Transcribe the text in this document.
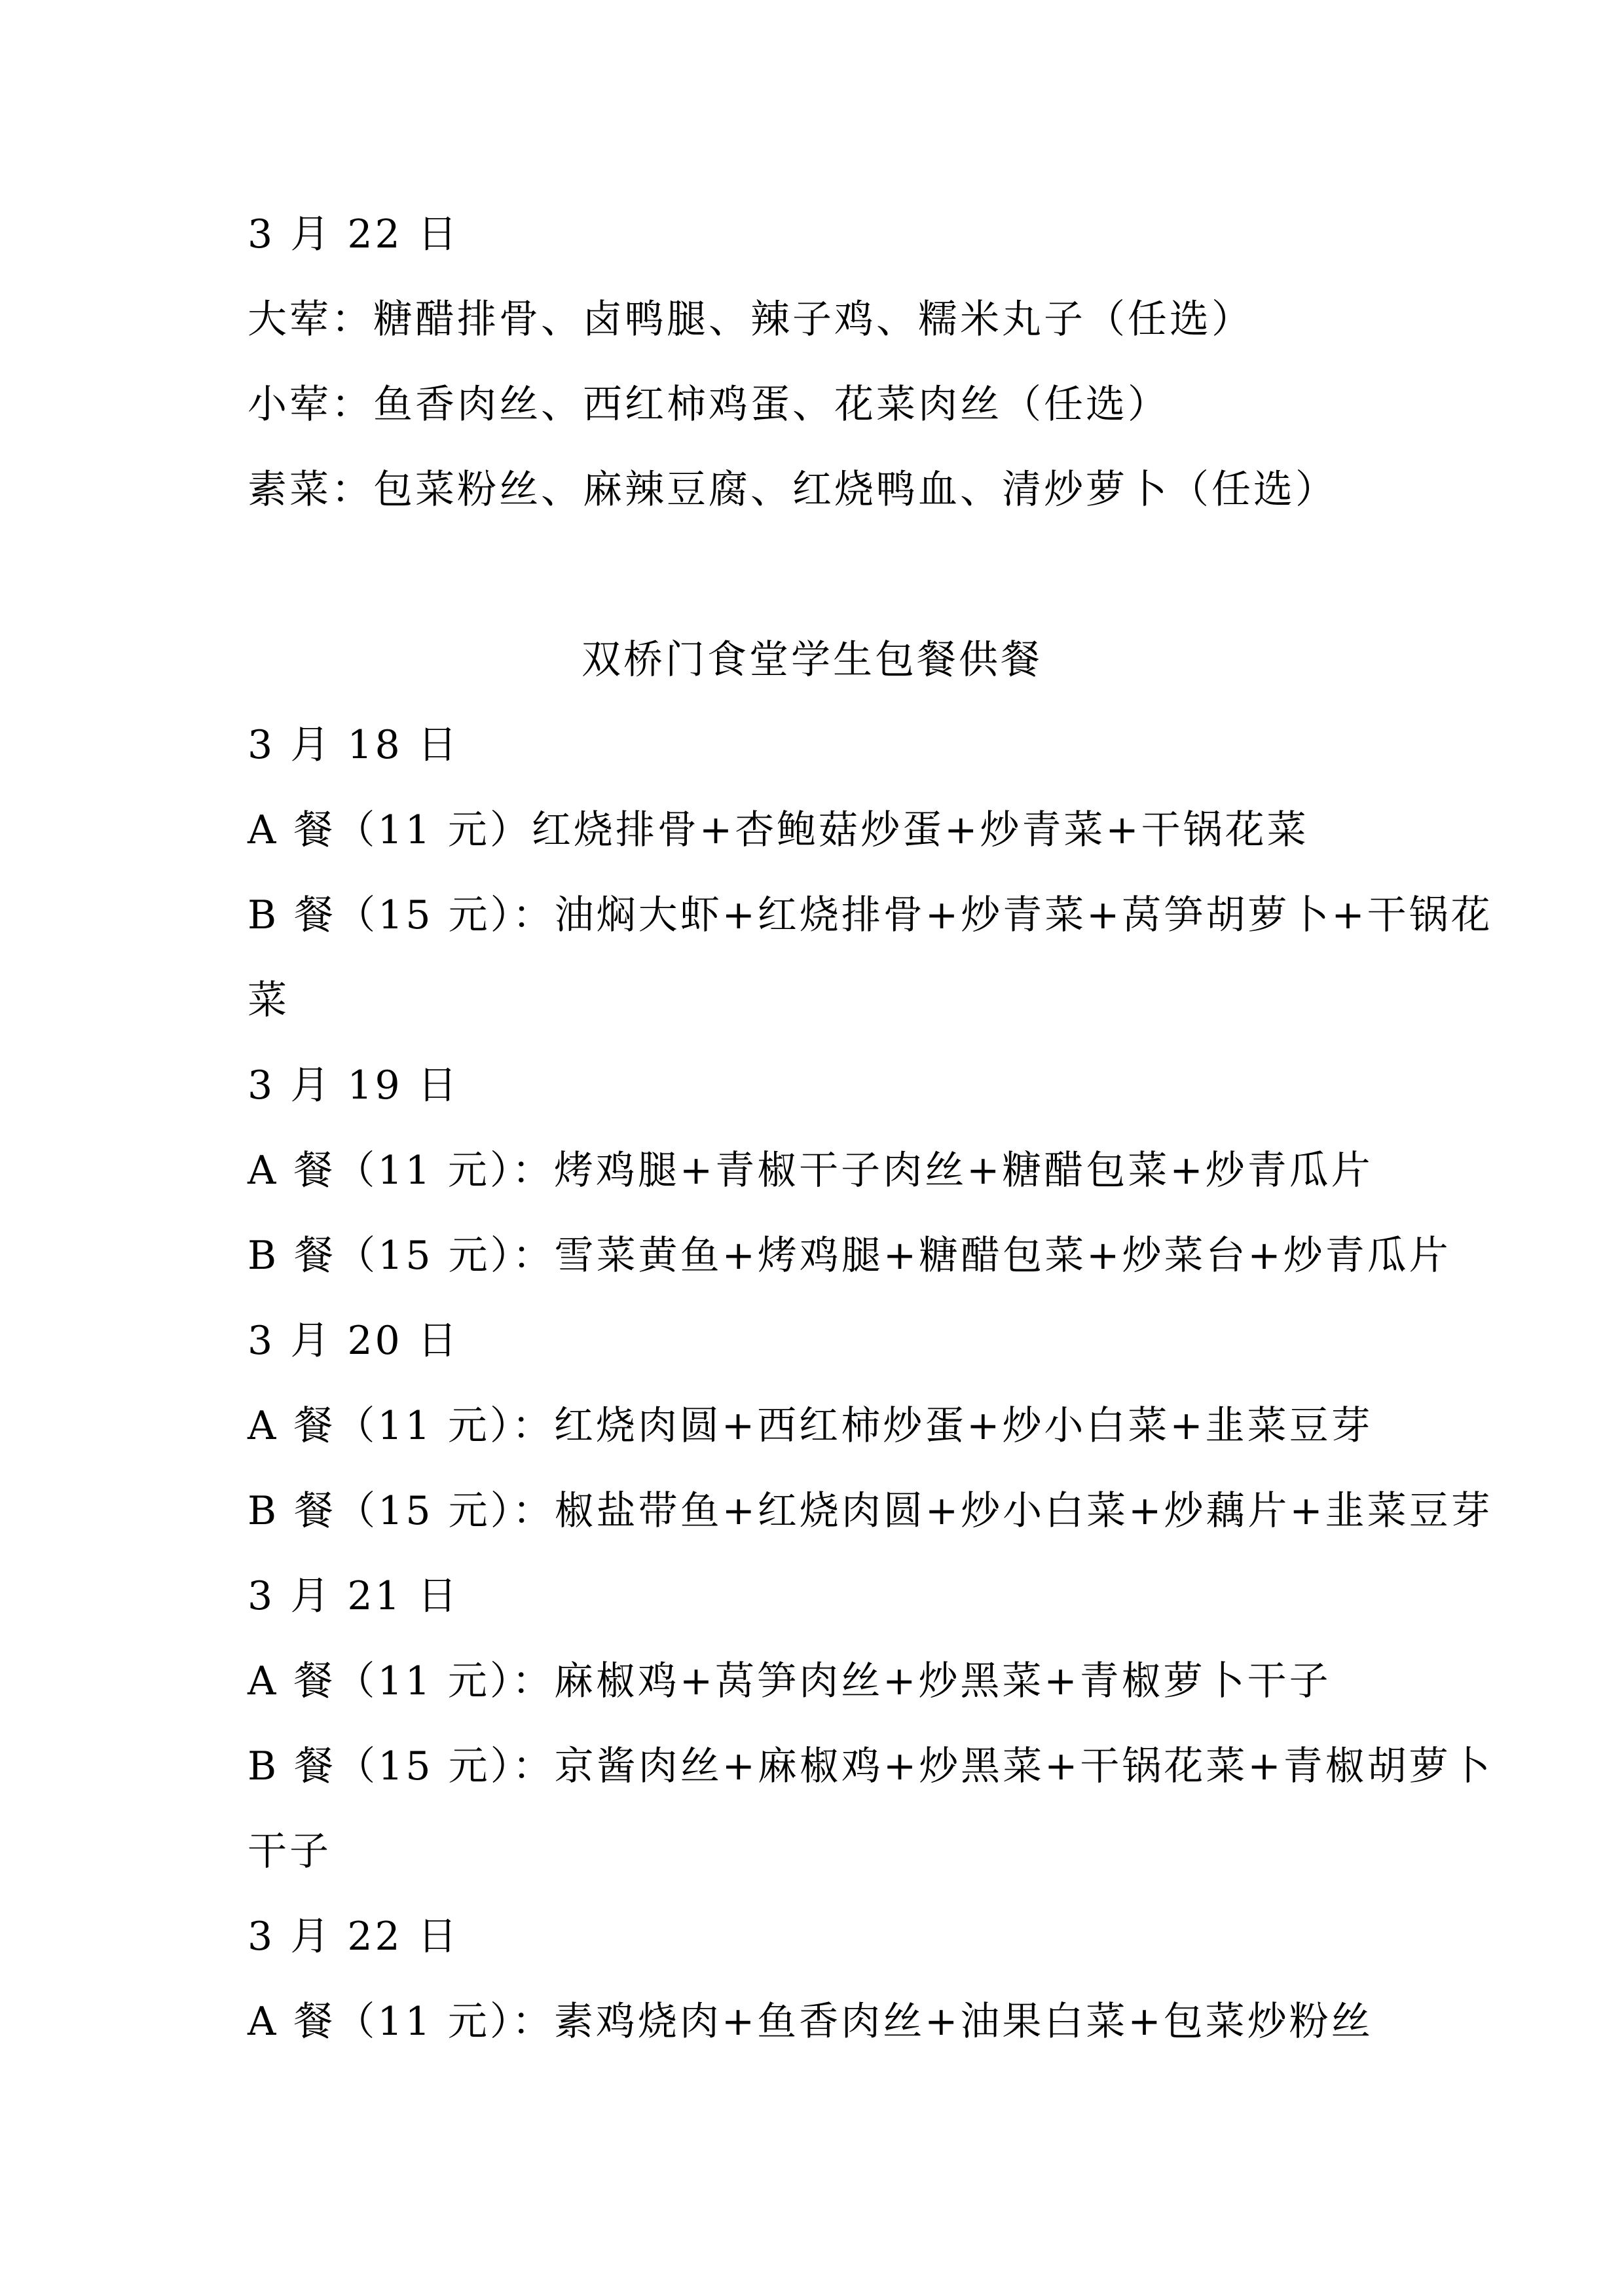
3 月 22 日
大荤：糖醋排骨、卤鸭腿、辣子鸡、糯米丸子（任选）
小荤：鱼香肉丝、西红柿鸡蛋、花菜肉丝（任选）
素菜：包菜粉丝、麻辣豆腐、红烧鸭血、清炒萝卜（任选）
双桥门食堂学生包餐供餐
3 月 18 日
A 餐（11 元）红烧排骨+杏鲍菇炒蛋+炒青菜+干锅花菜
B 餐（15 元）：油焖大虾+红烧排骨+炒青菜+莴笋胡萝卜+干锅花
菜
3 月 19 日
A 餐（11 元）：烤鸡腿+青椒干子肉丝+糖醋包菜+炒青瓜片
B 餐（15 元）：雪菜黄鱼+烤鸡腿+糖醋包菜+炒菜台+炒青瓜片
3 月 20 日
A 餐（11 元）：红烧肉圆+西红柿炒蛋+炒小白菜+韭菜豆芽
B 餐（15 元）：椒盐带鱼+红烧肉圆+炒小白菜+炒藕片+韭菜豆芽
3 月 21 日
A 餐（11 元）：麻椒鸡+莴笋肉丝+炒黑菜+青椒萝卜干子
B 餐（15 元）：京酱肉丝+麻椒鸡+炒黑菜+干锅花菜+青椒胡萝卜
干子
3 月 22 日
A 餐（11 元）：素鸡烧肉+鱼香肉丝+油果白菜+包菜炒粉丝
